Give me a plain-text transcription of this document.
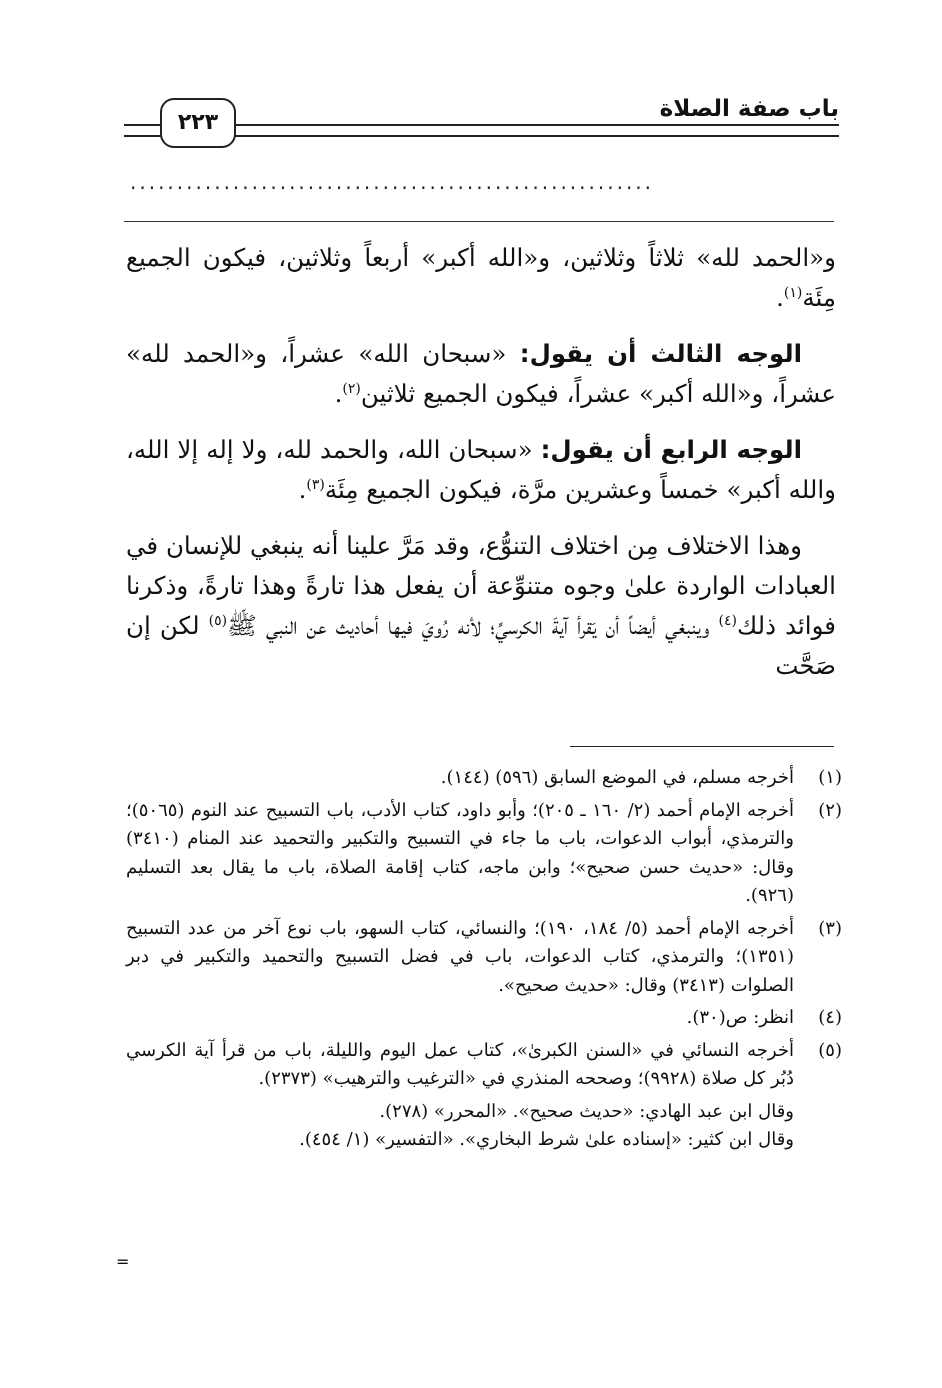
باب صفة الصلاة
٢٢٣
........................................................

و«الحمد لله» ثلاثاً وثلاثين، و«الله أكبر» أربعاً وثلاثين، فيكون الجميع مِئَة$^{(١)}$.

الوجه الثالث أن يقول: «سبحان الله» عشراً، و«الحمد لله» عشراً، و«الله أكبر» عشراً، فيكون الجميع ثلاثين$^{(٢)}$.

الوجه الرابع أن يقول: «سبحان الله، والحمد لله، ولا إله إلا الله، والله أكبر» خمساً وعشرين مرَّة، فيكون الجميع مِئَة$^{(٣)}$.

وهذا الاختلاف مِن اختلاف التنوُّع، وقد مَرَّ علينا أنه ينبغي للإنسان في العبادات الواردة علىٰ وجوه متنوِّعة أن يفعل هذا تارةً وهذا تارةً، وذكرنا فوائد ذلك$^{(٤)}$ وينبغي أيضاً أن يَقرأ آيةَ الكرسيِّ؛ لأنه رُويَ فيها أحاديث عن النبي ﷺ$^{(٥)}$ لكن إن صَحَّت

(١)
أخرجه مسلم، في الموضع السابق (٥٩٦) (١٤٤).
(٢)
أخرجه الإمام أحمد (٢/ ١٦٠ ـ ٢٠٥)؛ وأبو داود، كتاب الأدب، باب التسبيح عند النوم (٥٠٦٥)؛ والترمذي، أبواب الدعوات، باب ما جاء في التسبيح والتكبير والتحميد عند المنام (٣٤١٠) وقال: «حديث حسن صحيح»؛ وابن ماجه، كتاب إقامة الصلاة، باب ما يقال بعد التسليم (٩٢٦).
(٣)
أخرجه الإمام أحمد (٥/ ١٨٤، ١٩٠)؛ والنسائي، كتاب السهو، باب نوع آخر من عدد التسبيح (١٣٥١)؛ والترمذي، كتاب الدعوات، باب في فضل التسبيح والتحميد والتكبير في دبر الصلوات (٣٤١٣) وقال: «حديث صحيح».
(٤)
انظر: ص(٣٠).
(٥)
أخرجه النسائي في «السنن الكبرىٰ»، كتاب عمل اليوم والليلة، باب من قرأ آية الكرسي دُبُر كل صلاة (٩٩٢٨)؛ وصححه المنذري في «الترغيب والترهيب» (٢٣٧٣).
وقال ابن عبد الهادي: «حديث صحيح». «المحرر» (٢٧٨).
وقال ابن كثير: «إسناده علىٰ شرط البخاري». «التفسير» (١/ ٤٥٤).
=
